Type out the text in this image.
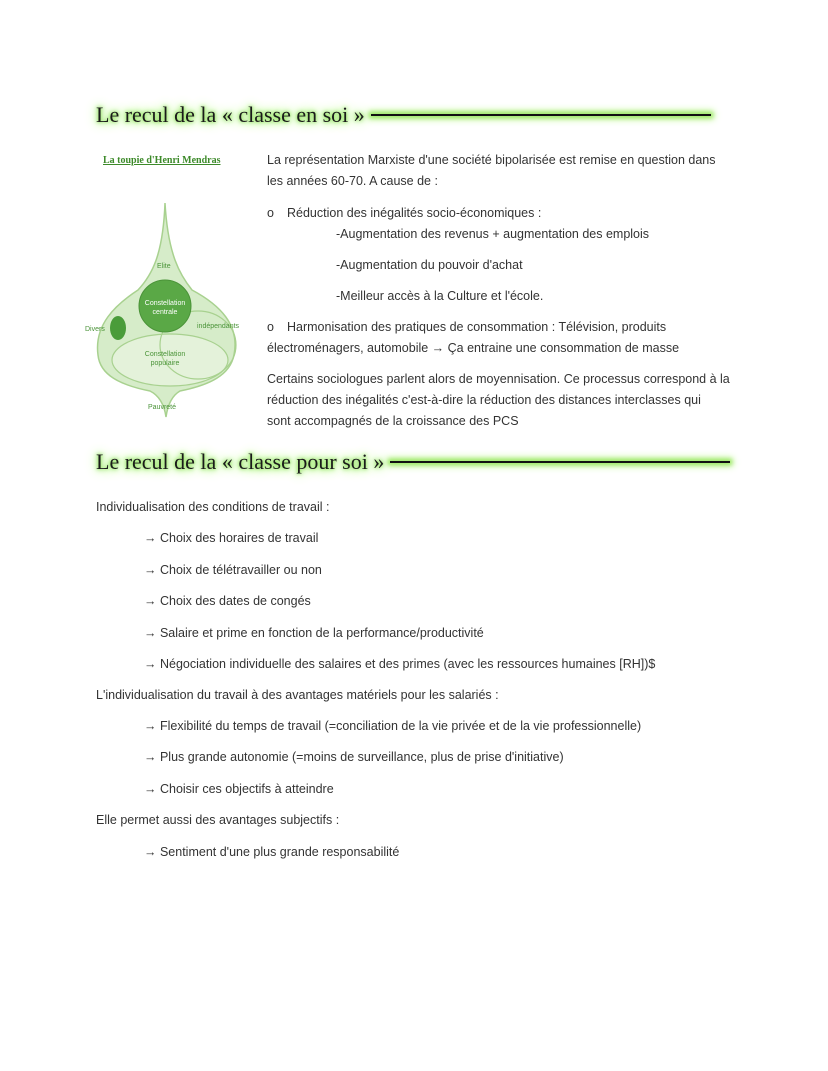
Le recul de la « classe en soi »
La toupie d'Henri Mendras
Elite
Constellation
centrale
indépendants
Divers
Constellation
populaire
Pauvreté
La représentation Marxiste d'une société bipolarisée est remise en question dans
les années 60-70. A cause de :
o Réduction des inégalités socio-économiques :
-Augmentation des revenus + augmentation des emplois
-Augmentation du pouvoir d'achat
-Meilleur accès à la Culture et l'école.
o Harmonisation des pratiques de consommation : Télévision, produits
électroménagers, automobile → Ça entraine une consommation de masse
Certains sociologues parlent alors de moyennisation. Ce processus correspond à la
réduction des inégalités c'est-à-dire la réduction des distances interclasses qui
sont accompagnés de la croissance des PCS
Le recul de la « classe pour soi »
Individualisation des conditions de travail :
→ Choix des horaires de travail
→ Choix de télétravailler ou non
→ Choix des dates de congés
→ Salaire et prime en fonction de la performance/productivité
→ Négociation individuelle des salaires et des primes (avec les ressources humaines [RH])$
L'individualisation du travail à des avantages matériels pour les salariés :
→ Flexibilité du temps de travail (=conciliation de la vie privée et de la vie professionnelle)
→ Plus grande autonomie (=moins de surveillance, plus de prise d'initiative)
→ Choisir ces objectifs à atteindre
Elle permet aussi des avantages subjectifs :
→ Sentiment d'une plus grande responsabilité
